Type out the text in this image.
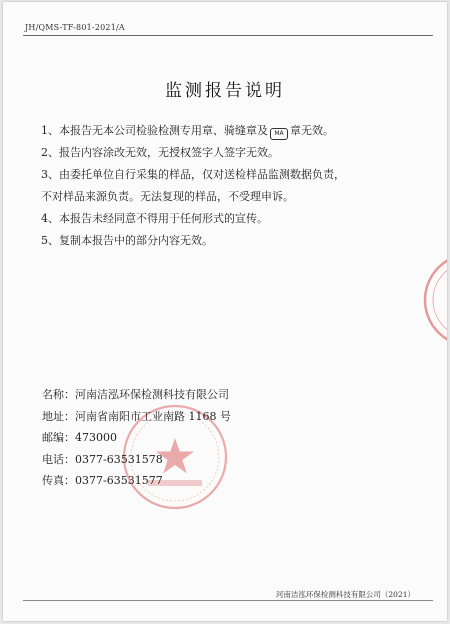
JH/QMS-TF-801-2021/A
监测报告说明
1、本报告无本公司检验检测专用章、骑缝章及 MA 章无效。
2、报告内容涂改无效，无授权签字人签字无效。
3、由委托单位自行采集的样品，仅对送检样品监测数据负责，
不对样品来源负责。无法复现的样品，不受理申诉。
4、本报告未经同意不得用于任何形式的宣传。
5、复制本报告中的部分内容无效。
名称：河南洁泓环保检测科技有限公司
地址：河南省南阳市工业南路 1168 号
邮编：473000
电话：0377-63531578
传真：0377-63531577
河南洁泓环保检测科技有限公司（2021）
